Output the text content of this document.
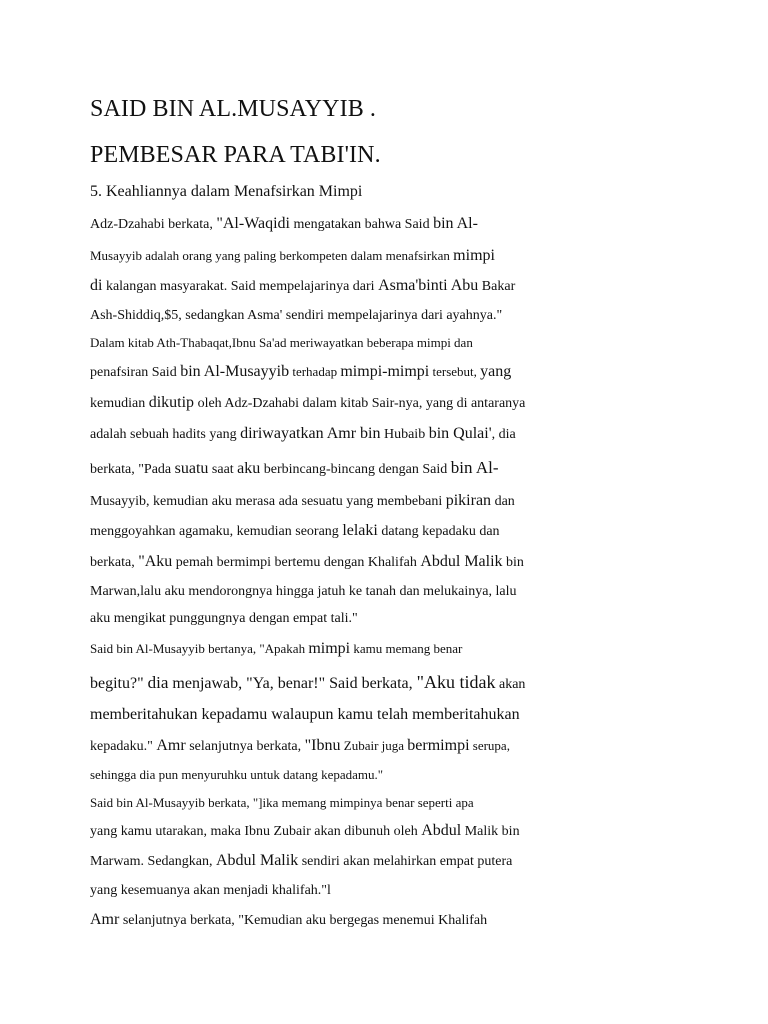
SAID BIN AL.MUSAYYIB .
PEMBESAR PARA TABI'IN.
5. Keahliannya dalam Menafsirkan Mimpi
Adz-Dzahabi berkata, "Al-Waqidi mengatakan bahwa Said bin Al-
Musayyib adalah orang yang paling berkompeten dalam menafsirkan mimpi
di kalangan masyarakat. Said mempelajarinya dari Asma'binti Abu Bakar
Ash-Shiddiq,$5, sedangkan Asma' sendiri mempelajarinya dari ayahnya."
Dalam kitab Ath-Thabaqat,Ibnu Sa'ad meriwayatkan beberapa mimpi dan
penafsiran Said bin Al-Musayyib terhadap mimpi-mimpi tersebut, yang
kemudian dikutip oleh Adz-Dzahabi dalam kitab Sair-nya, yang di antaranya
adalah sebuah hadits yang diriwayatkan Amr bin Hubaib bin Qulai', dia
berkata, "Pada suatu saat aku berbincang-bincang dengan Said bin Al-
Musayyib, kemudian aku merasa ada sesuatu yang membebani pikiran dan
menggoyahkan agamaku, kemudian seorang lelaki datang kepadaku dan
berkata, "Aku pemah bermimpi bertemu dengan Khalifah Abdul Malik bin
Marwan,lalu aku mendorongnya hingga jatuh ke tanah dan melukainya, lalu
aku mengikat punggungnya dengan empat tali."
Said bin Al-Musayyib bertanya, "Apakah mimpi kamu memang benar
begitu?" dia menjawab, "Ya, benar!" Said berkata, "Aku tidak akan
memberitahukan kepadamu walaupun kamu telah memberitahukan
kepadaku." Amr selanjutnya berkata, "Ibnu Zubair juga bermimpi serupa,
sehingga dia pun menyuruhku untuk datang kepadamu."
Said bin Al-Musayyib berkata, "]ika memang mimpinya benar seperti apa
yang kamu utarakan, maka Ibnu Zubair akan dibunuh oleh Abdul Malik bin
Marwam. Sedangkan, Abdul Malik sendiri akan melahirkan empat putera
yang kesemuanya akan menjadi khalifah."l
Amr selanjutnya berkata, "Kemudian aku bergegas menemui Khalifah
